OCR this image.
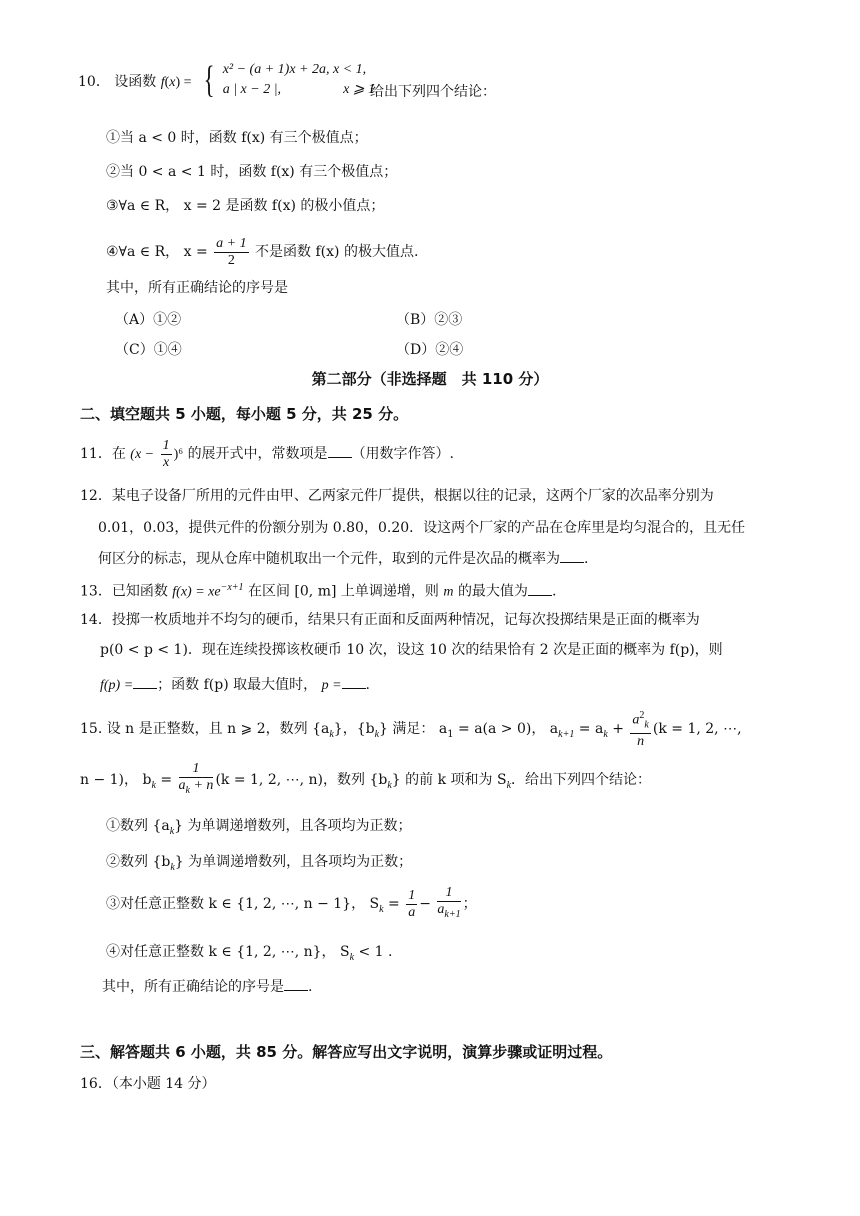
10． 设函数 f(x) = { x² − (a + 1)x + 2a, x < 1,
a | x − 2 |,	x ⩾ 1.
给出下列四个结论：
①当 a < 0 时，函数 f(x) 有三个极值点；
②当 0 < a < 1 时，函数 f(x) 有三个极值点；
③∀a ∈ R， x = 2 是函数 f(x) 的极小值点；
④∀a ∈ R， $x = \frac{a + 1}{2}$ 不是函数 f(x) 的极大值点.
其中，所有正确结论的序号是
（A）①②	（B）②③
（C）①④	（D）②④
第二部分（非选择题　共 110 分）
二、填空题共 5 小题，每小题 5 分，共 25 分。
11．在 $(x - \frac{1}{x} )^6$ 的展开式中，常数项是 （用数字作答）.
12．某电子设备厂所用的元件由甲、乙两家元件厂提供，根据以往的记录，这两个厂家的次品率分别为
0.01，0.03，提供元件的份额分别为 0.80，0.20．设这两个厂家的产品在仓库里是均匀混合的，且无任
何区分的标志，现从仓库中随机取出一个元件，取到的元件是次品的概率为 .
13．已知函数 $f(x) = xe^{-x+1}$ 在区间 [0, m] 上单调递增，则 m 的最大值为 .
14．投掷一枚质地并不均匀的硬币，结果只有正面和反面两种情况，记每次投掷结果是正面的概率为
p(0 < p < 1)．现在连续投掷该枚硬币 10 次，设这 10 次的结果恰有 2 次是正面的概率为 f(p)，则
f(p) = ；函数 f(p) 取最大值时， p = .
15. 设 n 是正整数，且 n ⩾ 2，数列 $\{a_k\}$，$\{b_k\}$ 满足： $a_1 = a(a > 0)$， $a_{k+1} = a_k + \frac{a^2_k}{n} (k = 1$, 2, ⋯,
n − 1)， $b_k = \frac{1}{a_k + n} (k = 1$, 2, ⋯, n)，数列 $\{b_k\}$ 的前 k 项和为 $S_k$．给出下列四个结论：
①数列 $\{a_k\}$ 为单调递增数列，且各项均为正数；
②数列 $\{b_k\}$ 为单调递增数列，且各项均为正数；
③对任意正整数 k ∈ {1, 2, ⋯, n − 1}， $S_k = \frac{1}{a} - \frac{1}{a_{k+1}}$ ；
④对任意正整数 k ∈ {1, 2, ⋯, n}， $S_k < 1$ .
其中，所有正确结论的序号是 .
三、解答题共 6 小题，共 85 分。解答应写出文字说明，演算步骤或证明过程。
16．（本小题 14 分）
